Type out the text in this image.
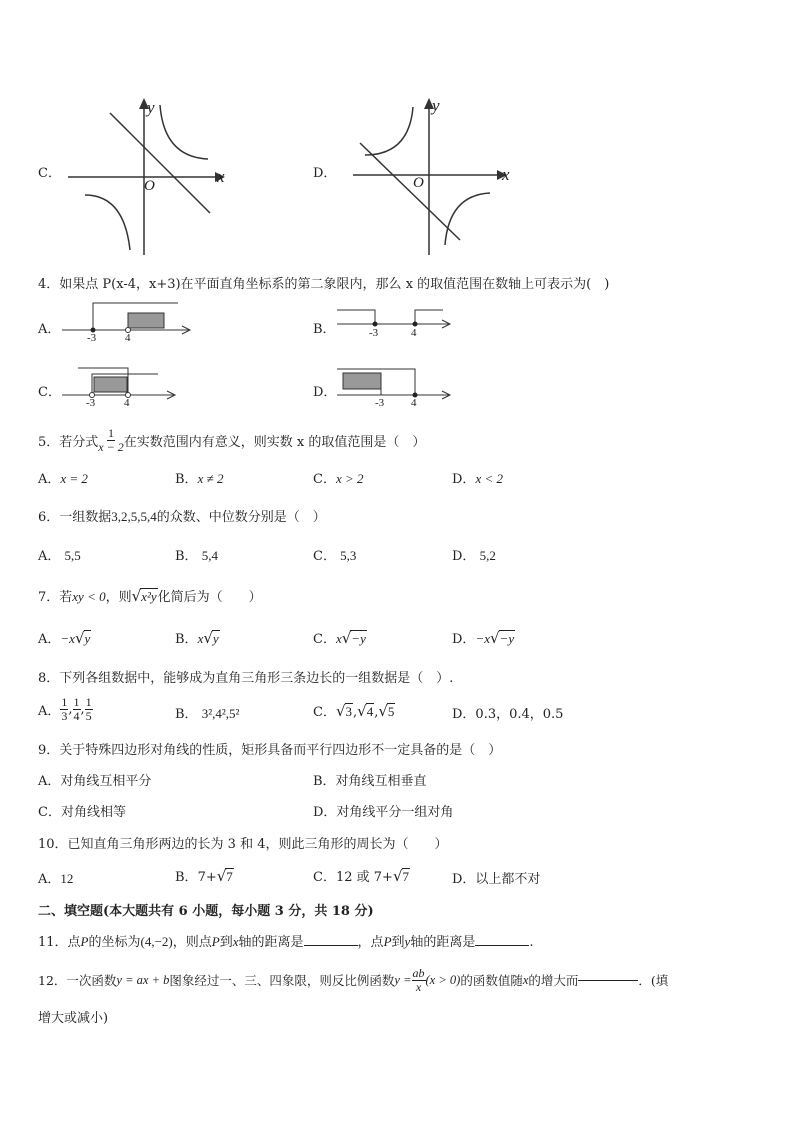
C．
y
x
O
D．
y
x
O
4．如果点 P(x-4，x+3)在平面直角坐标系的第二象限内，那么 x 的取值范围在数轴上可表示为(　)
A．
-3	4
B．	-3	4
C．
-3	4
D．
-3 4
5．若分式 $\frac{1}{x - 2}$ 在实数范围内有意义，则实数 x 的取值范围是（　）
A．x = 2	B．x ≠ 2	C．x > 2	D．x < 2
6．一组数据3,2,5,5,4的众数、中位数分别是（　）
A． 5,5	B． 5,4	C． 5,3	D． 5,2
7．若xy < 0，则√x²y化简后为（　　）
A．−x√y	B．x√y	C．x√−y	D．−x√−y
8．下列各组数据中，能够成为直角三角形三条边长的一组数据是（　）.
A． $\frac{1}{3}$ , $\frac{1}{4}$ , $\frac{1}{5}$	B． 3²,4²,5²	C．√3,√4,√5	D．0.3，0.4，0.5
9．关于特殊四边形对角线的性质，矩形具备而平行四边形不一定具备的是（　）
A．对角线互相平分	B．对角线互相垂直
C．对角线相等	D．对角线平分一组对角
10．已知直角三角形两边的长为 3 和 4，则此三角形的周长为（　　）
A．12	B．7+√7	C．12 或 7+√7	D．以上都不对
二、填空题(本大题共有 6 小题，每小题 3 分，共 18 分)
11．点P的坐标为(4,−2)，则点P到x轴的距离是	，点P到y轴的距离是	.
12．一次函数 y = ax + b 图象经过一、三、四象限，则反比例函数 $y = \frac{ab}{x} (x > 0)$ 的函数值随 x 的增大而	．(填
增大或减小)
